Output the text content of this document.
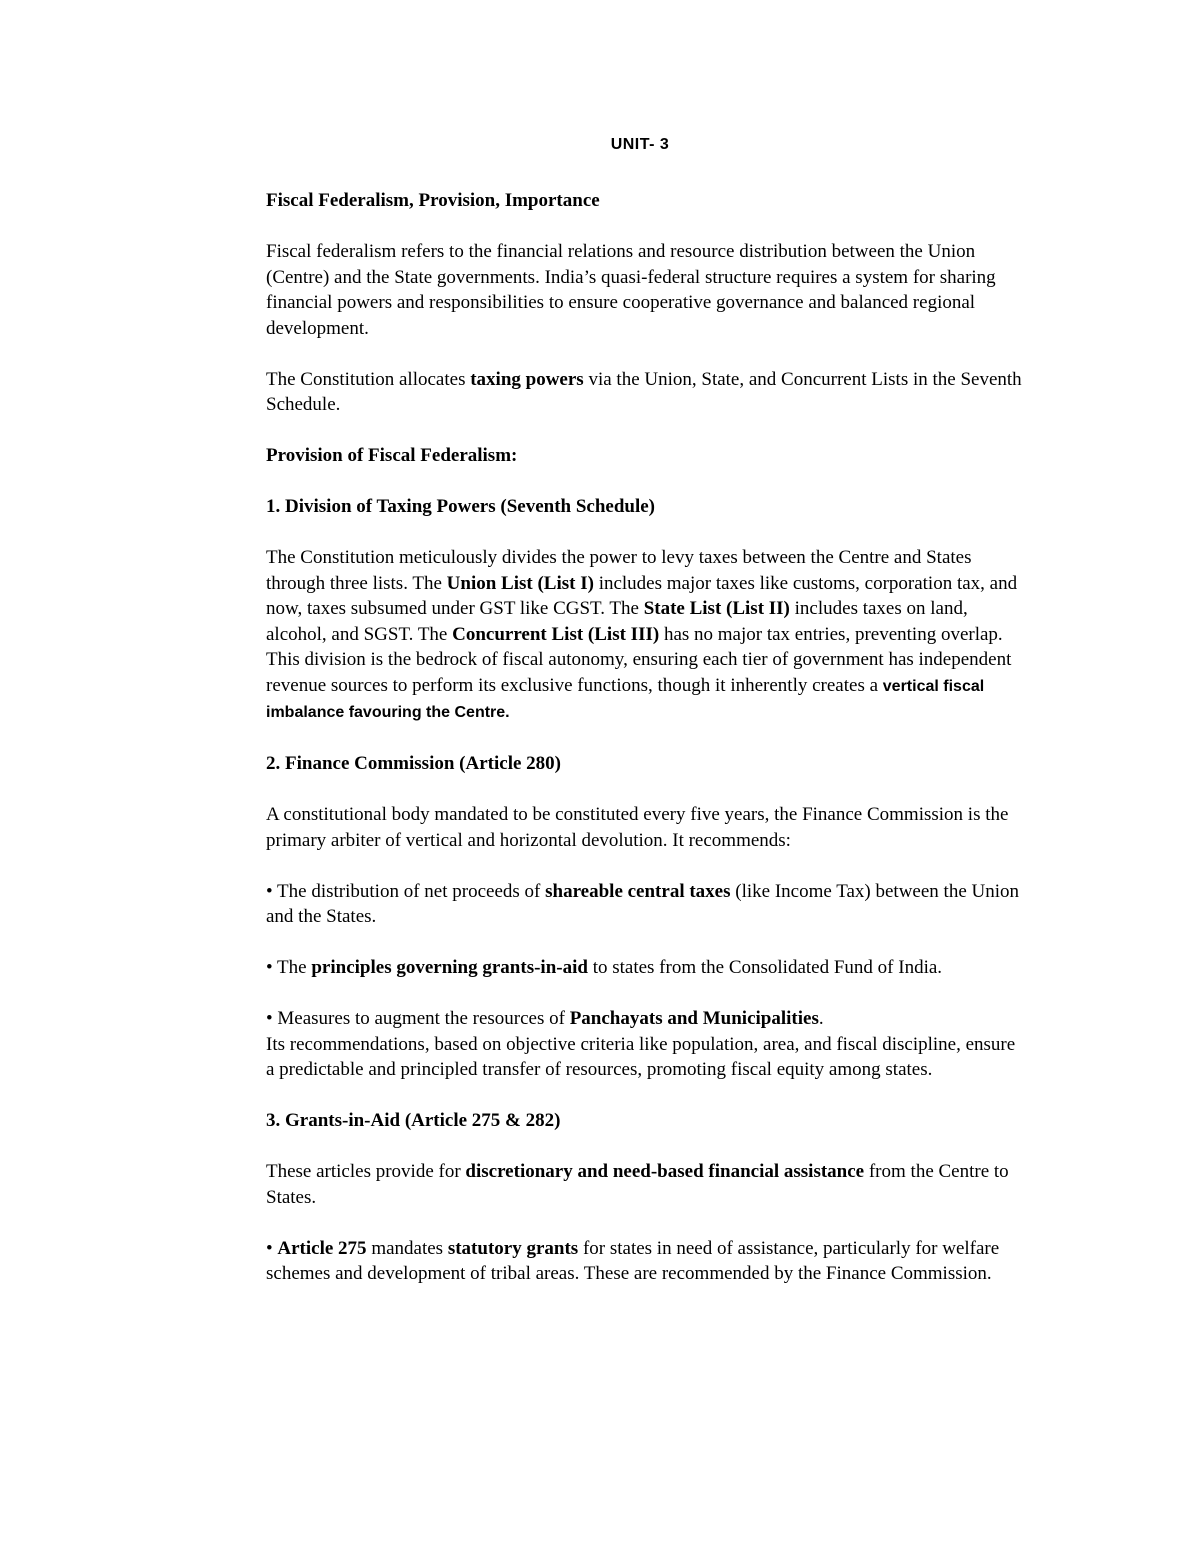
UNIT- 3
Fiscal Federalism, Provision, Importance

Fiscal federalism refers to the financial relations and resource distribution between the Union (Centre) and the State governments. India’s quasi-federal structure requires a system for sharing financial powers and responsibilities to ensure cooperative governance and balanced regional development.

The Constitution allocates taxing powers via the Union, State, and Concurrent Lists in the Seventh Schedule.

Provision of Fiscal Federalism:
1. Division of Taxing Powers (Seventh Schedule)

The Constitution meticulously divides the power to levy taxes between the Centre and States through three lists. The Union List (List I) includes major taxes like customs, corporation tax, and now, taxes subsumed under GST like CGST. The State List (List II) includes taxes on land, alcohol, and SGST. The Concurrent List (List III) has no major tax entries, preventing overlap. This division is the bedrock of fiscal autonomy, ensuring each tier of government has independent revenue sources to perform its exclusive functions, though it inherently creates a vertical fiscal imbalance favouring the Centre.

2. Finance Commission (Article 280)

A constitutional body mandated to be constituted every five years, the Finance Commission is the primary arbiter of vertical and horizontal devolution. It recommends:

• The distribution of net proceeds of shareable central taxes (like Income Tax) between the Union and the States.

• The principles governing grants-in-aid to states from the Consolidated Fund of India.

• Measures to augment the resources of Panchayats and Municipalities.

Its recommendations, based on objective criteria like population, area, and fiscal discipline, ensure a predictable and principled transfer of resources, promoting fiscal equity among states.

3. Grants-in-Aid (Article 275 & 282)

These articles provide for discretionary and need-based financial assistance from the Centre to States.

• Article 275 mandates statutory grants for states in need of assistance, particularly for welfare schemes and development of tribal areas. These are recommended by the Finance Commission.
